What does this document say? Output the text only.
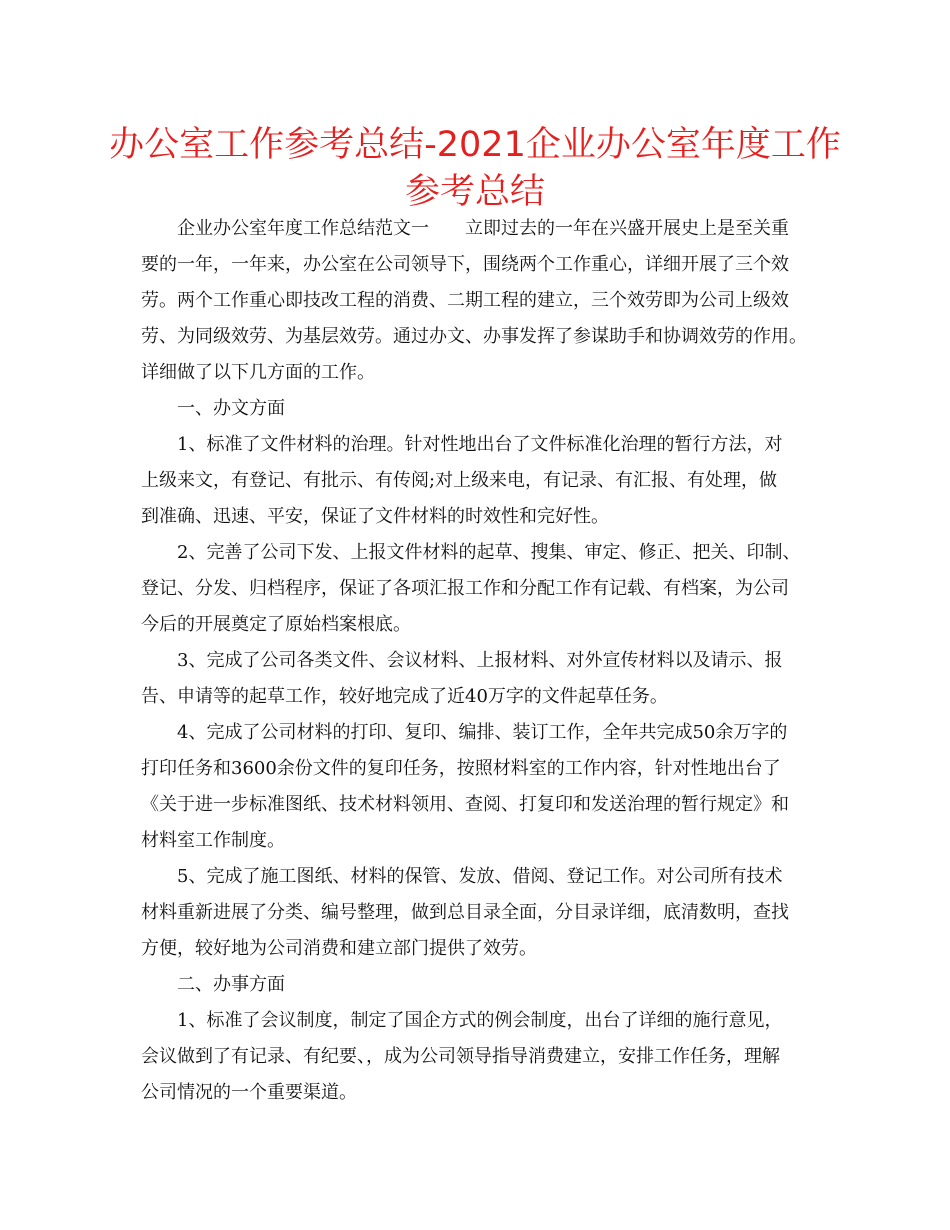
办公室工作参考总结-2021企业办公室年度工作
参考总结

企业办公室年度工作总结范文一　　立即过去的一年在兴盛开展史上是至关重

要的一年，一年来，办公室在公司领导下，围绕两个工作重心，详细开展了三个效

劳。两个工作重心即技改工程的消费、二期工程的建立，三个效劳即为公司上级效

劳、为同级效劳、为基层效劳。通过办文、办事发挥了参谋助手和协调效劳的作用。

详细做了以下几方面的工作。

一、办文方面

1、标准了文件材料的治理。针对性地出台了文件标准化治理的暂行方法，对

上级来文，有登记、有批示、有传阅;对上级来电，有记录、有汇报、有处理，做

到准确、迅速、平安，保证了文件材料的时效性和完好性。

2、完善了公司下发、上报文件材料的起草、搜集、审定、修正、把关、印制、

登记、分发、归档程序，保证了各项汇报工作和分配工作有记载、有档案，为公司

今后的开展奠定了原始档案根底。

3、完成了公司各类文件、会议材料、上报材料、对外宣传材料以及请示、报

告、申请等的起草工作，较好地完成了近40万字的文件起草任务。

4、完成了公司材料的打印、复印、编排、装订工作，全年共完成50余万字的

打印任务和3600余份文件的复印任务，按照材料室的工作内容，针对性地出台了

《关于进一步标准图纸、技术材料领用、查阅、打复印和发送治理的暂行规定》和

材料室工作制度。

5、完成了施工图纸、材料的保管、发放、借阅、登记工作。对公司所有技术

材料重新进展了分类、编号整理，做到总目录全面，分目录详细，底清数明，查找

方便，较好地为公司消费和建立部门提供了效劳。

二、办事方面

1、标准了会议制度，制定了国企方式的例会制度，出台了详细的施行意见，

会议做到了有记录、有纪要、，成为公司领导指导消费建立，安排工作任务，理解

公司情况的一个重要渠道。
